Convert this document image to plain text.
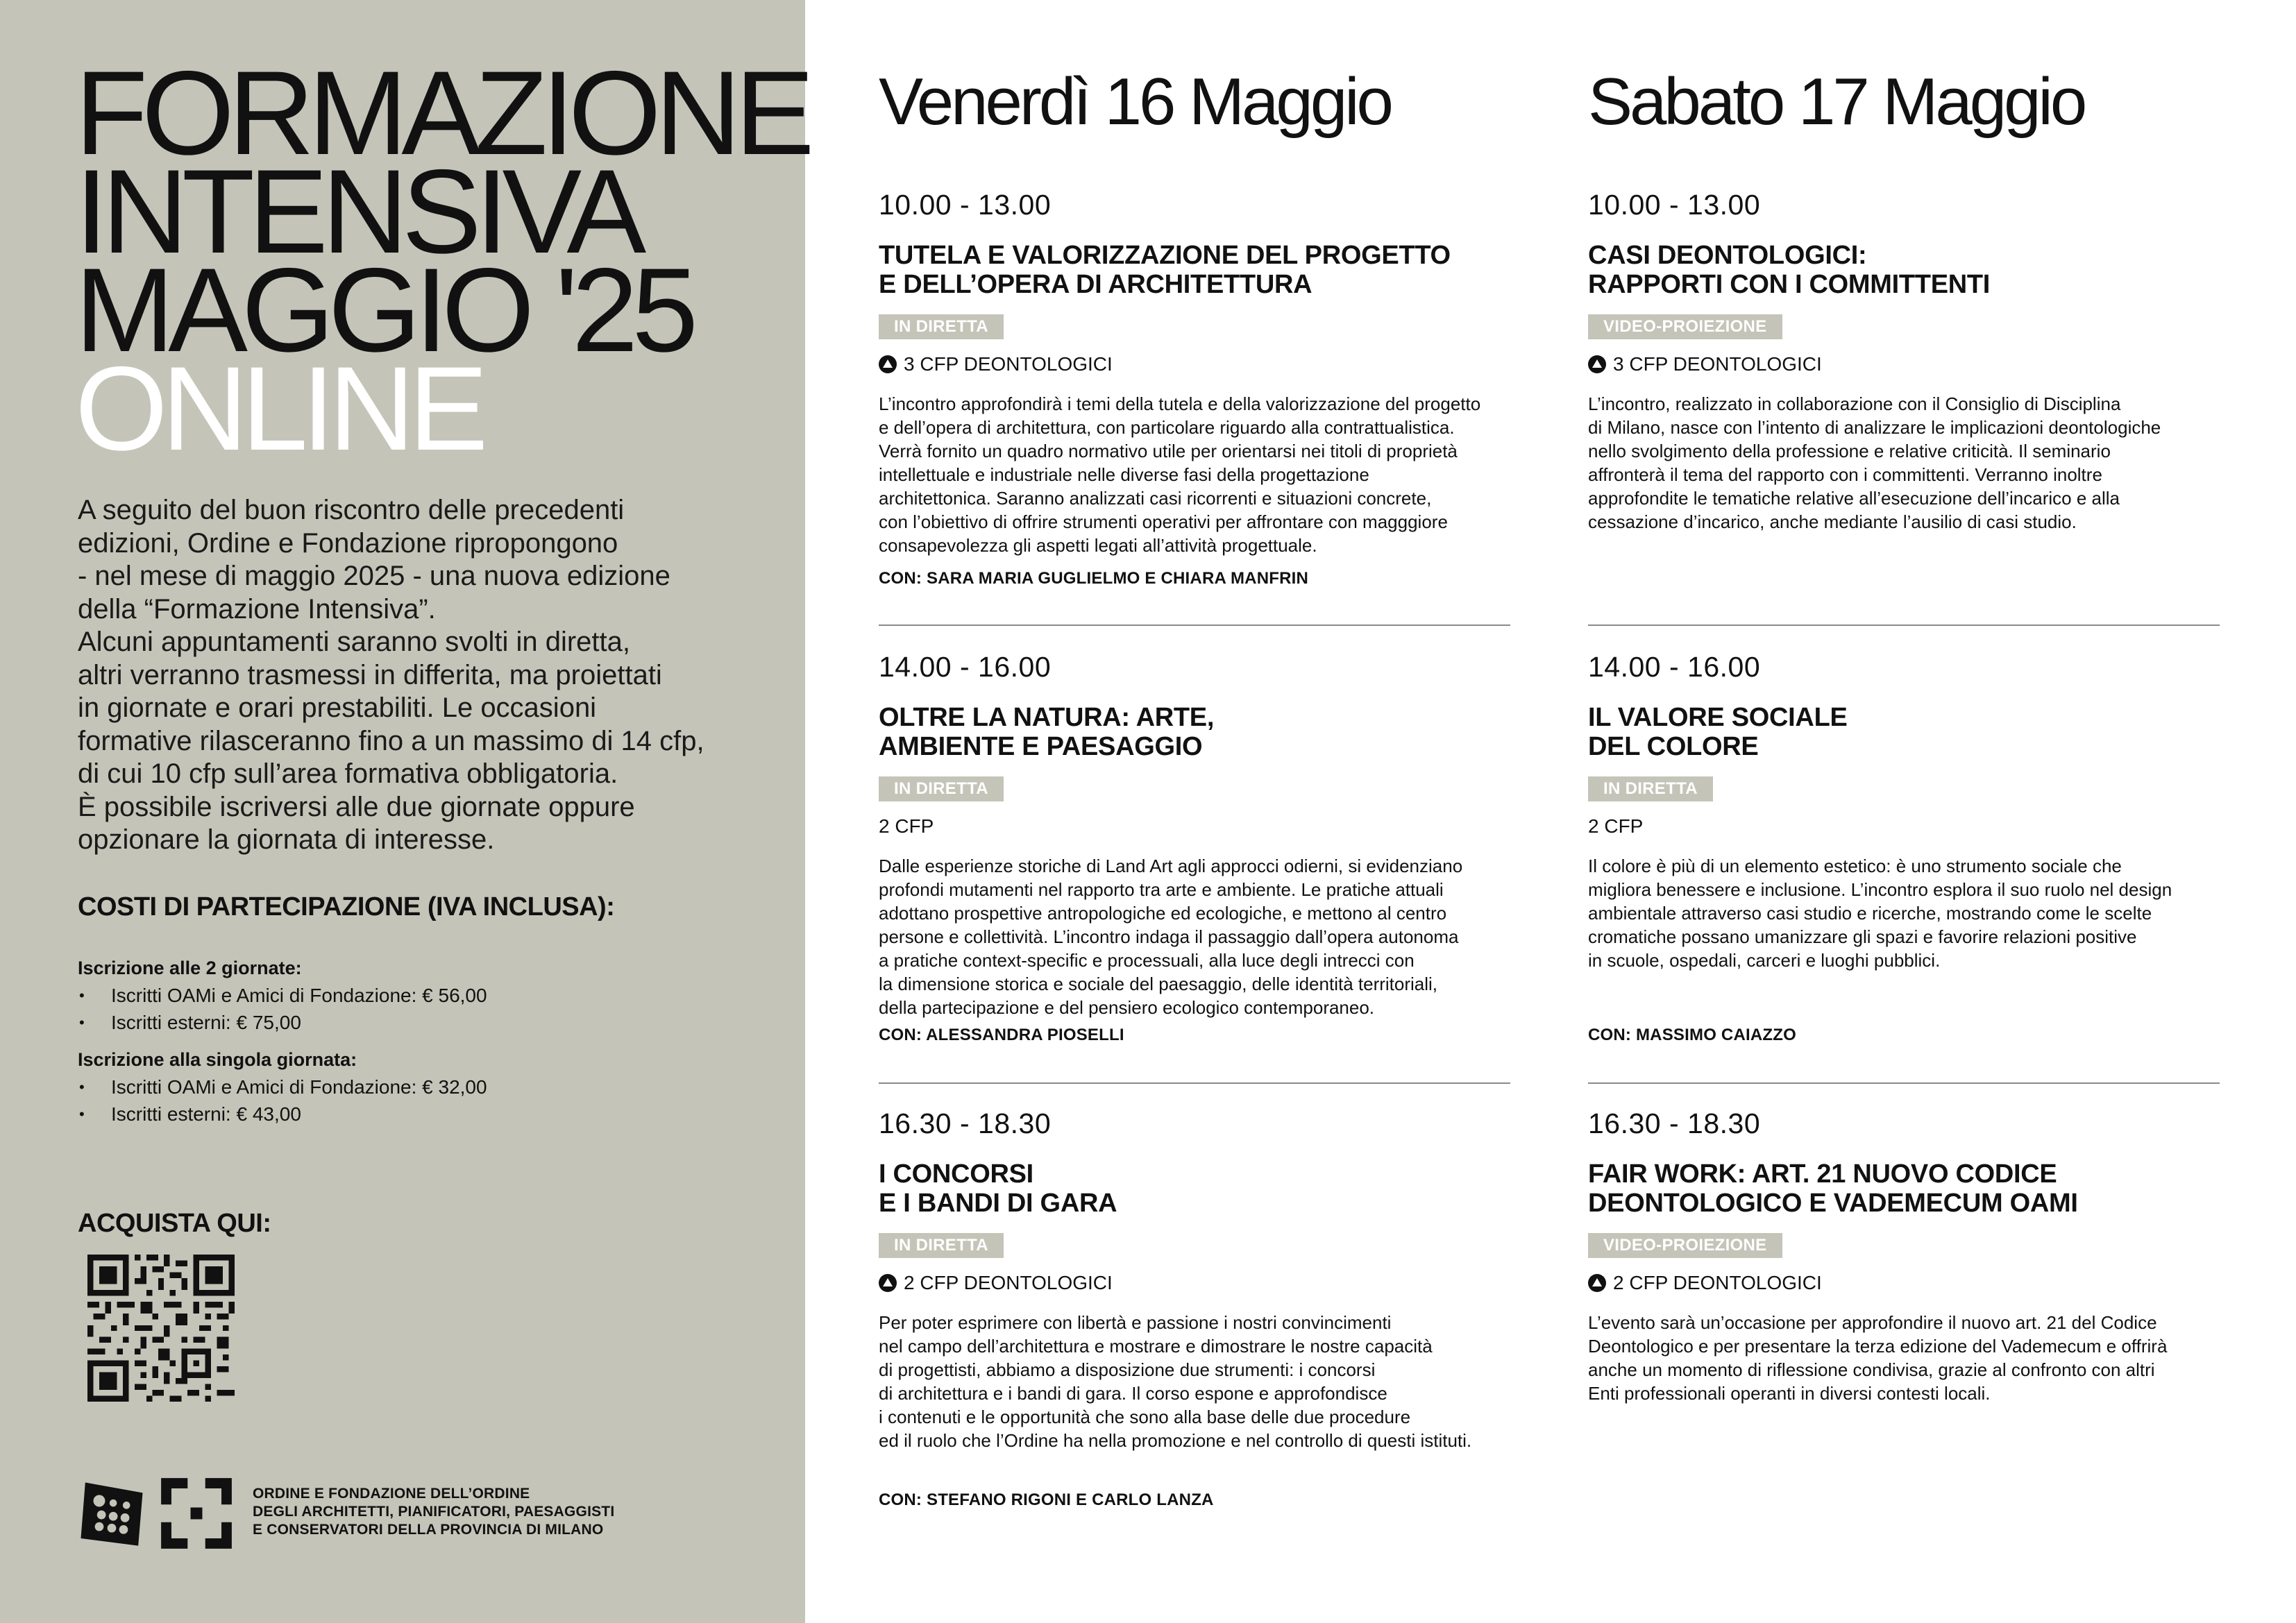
FORMAZIONE
INTENSIVA
MAGGIO '25
ONLINE

A seguito del buon riscontro delle precedenti
edizioni, Ordine e Fondazione ripropongono
- nel mese di maggio 2025 - una nuova edizione
della “Formazione Intensiva”.
Alcuni appuntamenti saranno svolti in diretta,
altri verranno trasmessi in differita, ma proiettati
in giornate e orari prestabiliti. Le occasioni
formative rilasceranno fino a un massimo di 14 cfp,
di cui 10 cfp sull’area formativa obbligatoria.
È possibile iscriversi alle due giornate oppure
opzionare la giornata di interesse.

COSTI DI PARTECIPAZIONE (IVA INCLUSA):
Iscrizione alle 2 giornate:
• Iscritti OAMi e Amici di Fondazione: € 56,00
• Iscritti esterni: € 75,00
Iscrizione alla singola giornata:
• Iscritti OAMi e Amici di Fondazione: € 32,00
• Iscritti esterni: € 43,00
ACQUISTA QUI:
ORDINE E FONDAZIONE DELL’ORDINE
DEGLI ARCHITETTI, PIANIFICATORI, PAESAGGISTI
E CONSERVATORI DELLA PROVINCIA DI MILANO
Venerdì 16 Maggio
10.00 - 13.00
TUTELA E VALORIZZAZIONE DEL PROGETTO
E DELL’OPERA DI ARCHITETTURA
IN DIRETTA
3 CFP DEONTOLOGICI
L’incontro approfondirà i temi della tutela e della valorizzazione del progetto
e dell’opera di architettura, con particolare riguardo alla contrattualistica.
Verrà fornito un quadro normativo utile per orientarsi nei titoli di proprietà
intellettuale e industriale nelle diverse fasi della progettazione
architettonica. Saranno analizzati casi ricorrenti e situazioni concrete,
con l’obiettivo di offrire strumenti operativi per affrontare con magggiore
consapevolezza gli aspetti legati all’attività progettuale.
CON: SARA MARIA GUGLIELMO E CHIARA MANFRIN
14.00 - 16.00
OLTRE LA NATURA: ARTE,
AMBIENTE E PAESAGGIO
IN DIRETTA
2 CFP
Dalle esperienze storiche di Land Art agli approcci odierni, si evidenziano
profondi mutamenti nel rapporto tra arte e ambiente. Le pratiche attuali
adottano prospettive antropologiche ed ecologiche, e mettono al centro
persone e collettività. L’incontro indaga il passaggio dall’opera autonoma
a pratiche context-specific e processuali, alla luce degli intrecci con
la dimensione storica e sociale del paesaggio, delle identità territoriali,
della partecipazione e del pensiero ecologico contemporaneo.
CON: ALESSANDRA PIOSELLI
16.30 - 18.30
I CONCORSI
E I BANDI DI GARA
IN DIRETTA
2 CFP DEONTOLOGICI
Per poter esprimere con libertà e passione i nostri convincimenti
nel campo dell’architettura e mostrare e dimostrare le nostre capacità
di progettisti, abbiamo a disposizione due strumenti: i concorsi
di architettura e i bandi di gara. Il corso espone e approfondisce
i contenuti e le opportunità che sono alla base delle due procedure
ed il ruolo che l’Ordine ha nella promozione e nel controllo di questi istituti.
CON: STEFANO RIGONI E CARLO LANZA
Sabato 17 Maggio
10.00 - 13.00
CASI DEONTOLOGICI:
RAPPORTI CON I COMMITTENTI
VIDEO-PROIEZIONE
3 CFP DEONTOLOGICI
L’incontro, realizzato in collaborazione con il Consiglio di Disciplina
di Milano, nasce con l’intento di analizzare le implicazioni deontologiche
nello svolgimento della professione e relative criticità. Il seminario
affronterà il tema del rapporto con i committenti. Verranno inoltre
approfondite le tematiche relative all’esecuzione dell’incarico e alla
cessazione d’incarico, anche mediante l’ausilio di casi studio.
14.00 - 16.00
IL VALORE SOCIALE
DEL COLORE
IN DIRETTA
2 CFP
Il colore è più di un elemento estetico: è uno strumento sociale che
migliora benessere e inclusione. L’incontro esplora il suo ruolo nel design
ambientale attraverso casi studio e ricerche, mostrando come le scelte
cromatiche possano umanizzare gli spazi e favorire relazioni positive
in scuole, ospedali, carceri e luoghi pubblici.
CON: MASSIMO CAIAZZO
16.30 - 18.30
FAIR WORK: ART. 21 NUOVO CODICE
DEONTOLOGICO E VADEMECUM OAMI
VIDEO-PROIEZIONE
2 CFP DEONTOLOGICI
L’evento sarà un’occasione per approfondire il nuovo art. 21 del Codice
Deontologico e per presentare la terza edizione del Vademecum e offrirà
anche un momento di riflessione condivisa, grazie al confronto con altri
Enti professionali operanti in diversi contesti locali.
